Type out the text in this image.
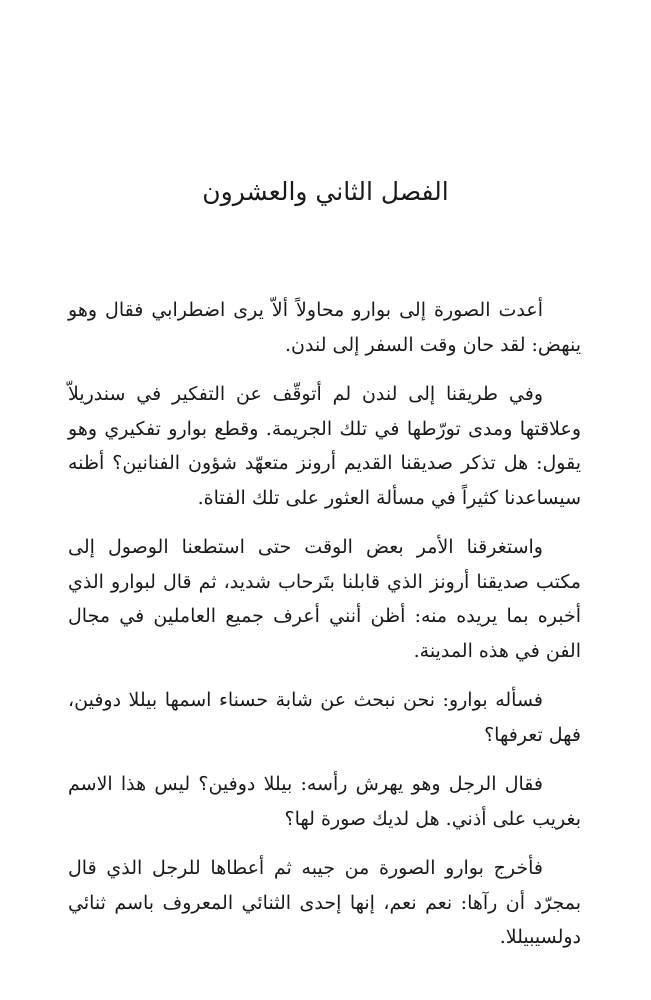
الفصل الثاني والعشرون

أعدت الصورة إلى بوارو محاولاً ألاّ يرى اضطرابي فقال وهو ينهض: لقد حان وقت السفر إلى لندن.

وفي طريقنا إلى لندن لم أتوقّف عن التفكير في سندريلاّ وعلاقتها ومدى تورّطها في تلك الجريمة. وقطع بوارو تفكيري وهو يقول: هل تذكر صديقنا القديم أرونز متعهّد شؤون الفنانين؟ أظنه سيساعدنا كثيراً في مسألة العثور على تلك الفتاة.

واستغرقنا الأمر بعض الوقت حتى استطعنا الوصول إلى مكتب صديقنا أرونز الذي قابلنا بتَرحاب شديد، ثم قال لبوارو الذي أخبره بما يريده منه: أظن أنني أعرف جميع العاملين في مجال الفن في هذه المدينة.

فسأله بوارو: نحن نبحث عن شابة حسناء اسمها بيللا دوفين، فهل تعرفها؟

فقال الرجل وهو يهرش رأسه: بيللا دوفين؟ ليس هذا الاسم بغريب على أذني. هل لديك صورة لها؟

فأخرج بوارو الصورة من جيبه ثم أعطاها للرجل الذي قال بمجرّد أن رآها: نعم نعم، إنها إحدى الثنائي المعروف باسم ثنائي دولسيبيللا.
